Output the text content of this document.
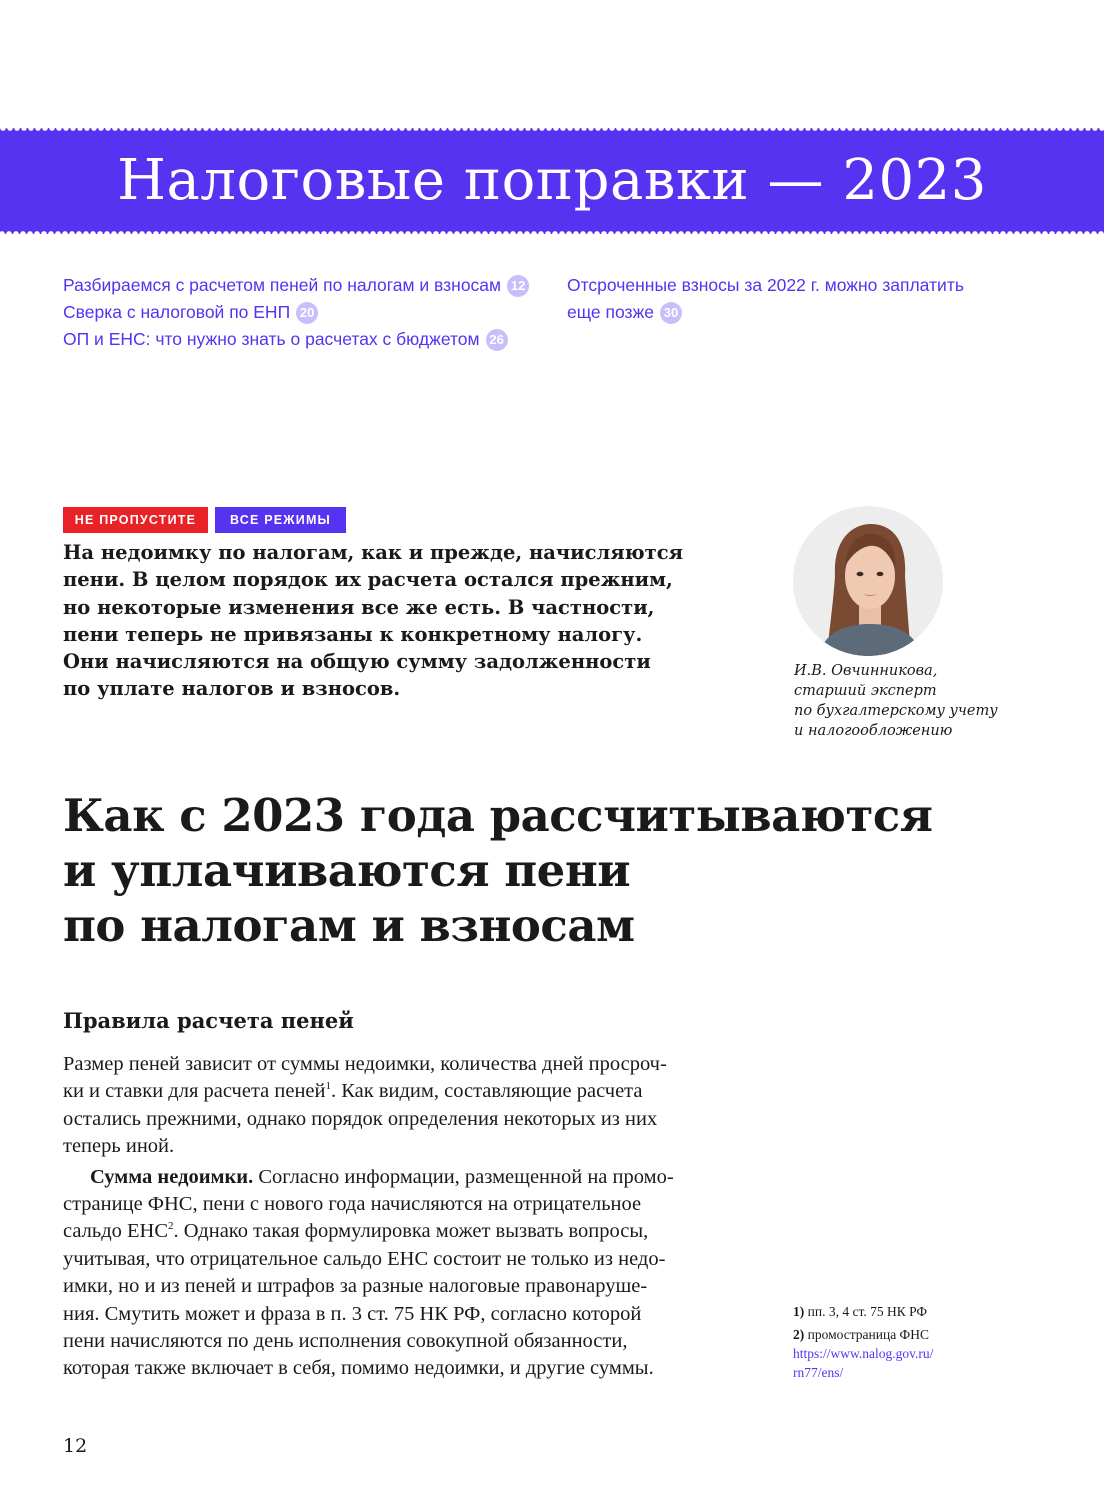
Налоговые поправки — 2023
Разбираемся с расчетом пеней по налогам и взносам 12
Сверка с налоговой по ЕНП 20
ОП и ЕНС: что нужно знать о расчетах с бюджетом 26
Отсроченные взносы за 2022 г. можно заплатить
еще позже 30
НЕ ПРОПУСТИТЕ	ВСЕ РЕЖИМЫ
На недоимку по налогам, как и прежде, начисляются
пени. В целом порядок их расчета остался прежним,
но некоторые изменения все же есть. В частности,
пени теперь не привязаны к конкретному налогу.
Они начисляются на общую сумму задолженности
по уплате налогов и взносов.
И.В. Овчинникова,
старший эксперт
по бухгалтерскому учету
и налогообложению
Как с 2023 года рассчитываются
и уплачиваются пени
по налогам и взносам
Правила расчета пеней
Размер пеней зависит от суммы недоимки, количества дней просроч-
ки и ставки для расчета пеней$^1$. Как видим, составляющие расчета
остались прежними, однако порядок определения некоторых из них
теперь иной.
Сумма недоимки. Согласно информации, размещенной на промо-
странице ФНС, пени с нового года начисляются на отрицательное
сальдо ЕНС$^2$. Однако такая формулировка может вызвать вопросы,
учитывая, что отрицательное сальдо ЕНС состоит не только из недо-
имки, но и из пеней и штрафов за разные налоговые правонаруше-
ния. Смутить может и фраза в п. 3 ст. 75 НК РФ, согласно которой
пени начисляются по день исполнения совокупной обязанности,
которая также включает в себя, помимо недоимки, и другие суммы.
1) пп. 3, 4 ст. 75 НК РФ
2) промостраница ФНС
https://www.nalog.gov.ru/
rn77/ens/
12
